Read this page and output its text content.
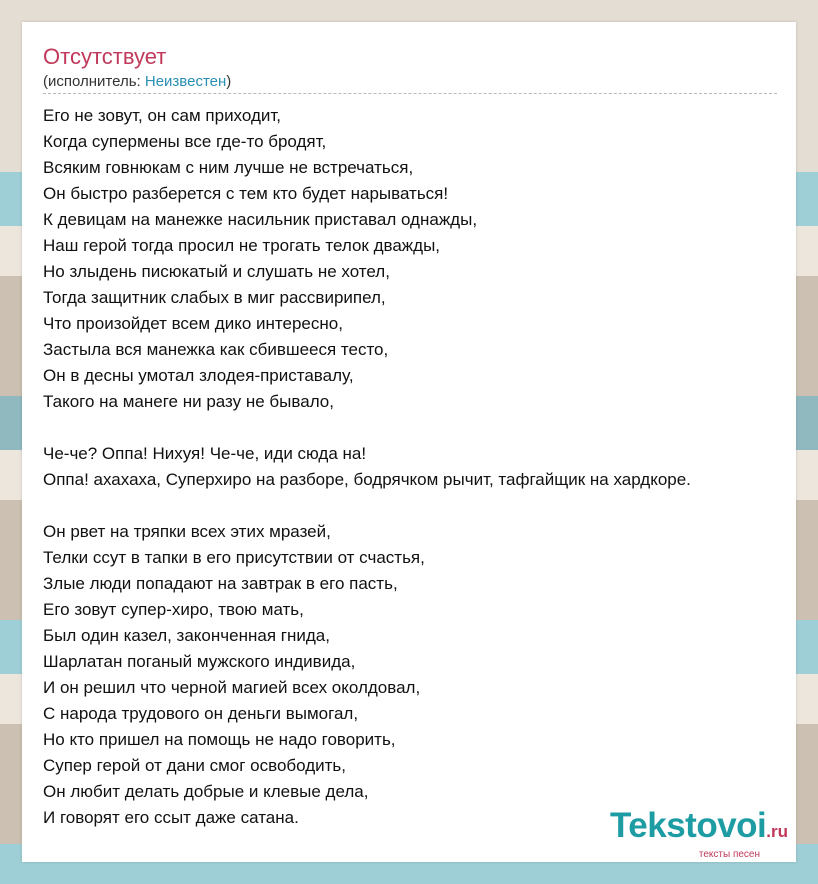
Отсутствует
(исполнитель: Неизвестен)
Его не зовут, он сам приходит,
Когда супермены все где-то бродят,
Всяким говнюкам с ним лучше не встречаться,
Он быстро разберется с тем кто будет нарываться!
К девицам на манежке насильник приставал однажды,
Наш герой тогда просил не трогать телок дважды,
Но злыдень писюкатый и слушать не хотел,
Тогда защитник слабых в миг рассвирипел,
Что произойдет всем дико интересно,
Застыла вся манежка как сбившееся тесто,
Он в десны умотал злодея-приставалу,
Такого на манеге ни разу не бывало,
Че-че? Оппа! Нихуя! Че-че, иди сюда на!
Оппа! ахахаха, Суперхиро на разборе, бодрячком рычит, тафгайщик на хардкоре.
Он рвет на тряпки всех этих мразей,
Телки ссут в тапки в его присутствии от счастья,
Злые люди попадают на завтрак в его пасть,
Его зовут супер-хиро, твою мать,
Был один казел, законченная гнида,
Шарлатан поганый мужского индивида,
И он решил что черной магией всех околдовал,
С народа трудового он деньги вымогал,
Но кто пришел на помощь не надо говорить,
Супер герой от дани смог освободить,
Он любит делать добрые и клевые дела,
И говорят его ссыт даже сатана.	Tekstovoi.ru
тексты песен
